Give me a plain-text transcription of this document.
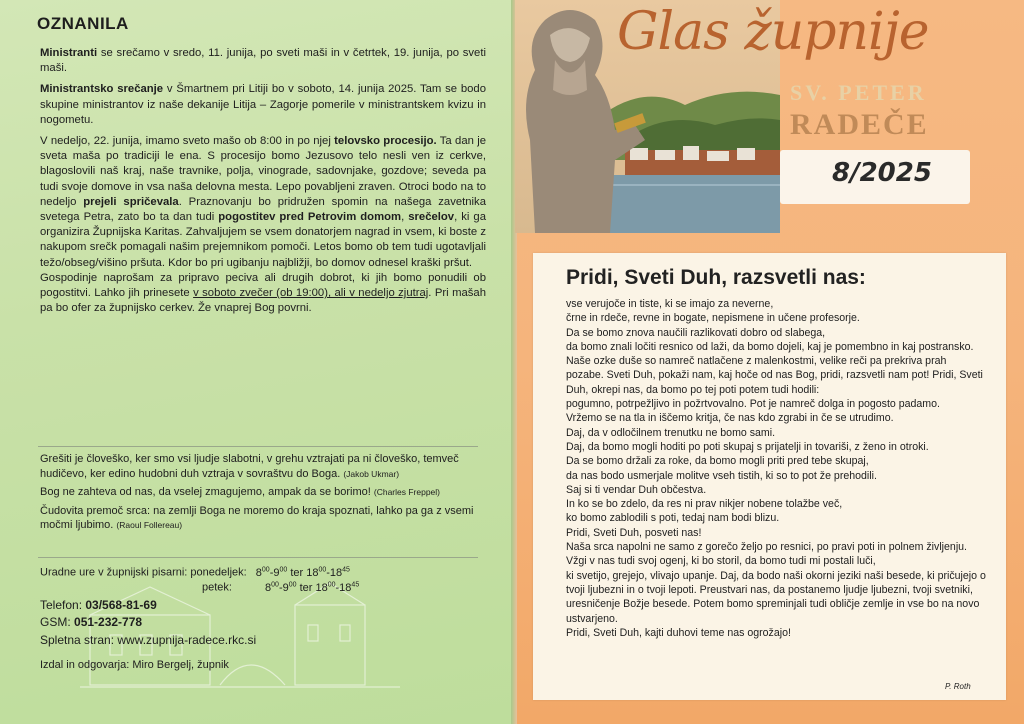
OZNANILA

Ministranti se srečamo v sredo, 11. junija, po sveti maši in v četrtek, 19. junija, po sveti maši.

Ministrantsko srečanje v Šmartnem pri Litiji bo v soboto, 14. junija 2025. Tam se bodo skupine ministrantov iz naše dekanije Litija – Zagorje pomerile v ministrantskem kvizu in nogometu.

V nedeljo, 22. junija, imamo sveto mašo ob 8:00 in po njej telovsko procesijo. Ta dan je sveta maša po tradiciji le ena. S procesijo bomo Jezusovo telo nesli ven iz cerkve, blagoslovili naš kraj, naše travnike, polja, vinograde, sadovnjake, gozdove; seveda pa tudi svoje domove in vsa naša delovna mesta. Lepo povabljeni zraven. Otroci bodo na to nedeljo prejeli spričevala. Praznovanju bo pridružen spomin na našega zavetnika svetega Petra, zato bo ta dan tudi pogostitev pred Petrovim domom, srečelov, ki ga organizira Župnijska Karitas. Zahvaljujem se vsem donatorjem nagrad in vsem, ki boste z nakupom srečk pomagali našim prejemnikom pomoči. Letos bomo ob tem tudi ugotavljali težo/obseg/višino pršuta. Kdor bo pri ugibanju najbližji, bo domov odnesel kraški pršut.

Gospodinje naprošam za pripravo peciva ali drugih dobrot, ki jih bomo ponudili ob pogostitvi. Lahko jih prinesete v soboto zvečer (ob 19:00), ali v nedeljo zjutraj. Pri mašah pa bo ofer za župnijsko cerkev. Že vnaprej Bog povrni.

Grešiti je človeško, ker smo vsi ljudje slabotni, v grehu vztrajati pa ni človeško, temveč hudičevo, ker edino hudobni duh vztraja v sovraštvu do Boga. (Jakob Ukmar)

Bog ne zahteva od nas, da vselej zmagujemo, ampak da se borimo! (Charles Freppel)

Čudovita premoč srca: na zemlji Boga ne moremo do kraja spoznati, lahko pa ga z vsemi močmi ljubimo. (Raoul Follereau)

Uradne ure v župnijski pisarni: ponedeljek: $8^{00}-9^{00}$ ter $18^{00}-18^{45}$
petek:	$8^{00}-9^{00}$ ter $18^{00}-18^{45}$
Telefon: 03/568-81-69
GSM: 051-232-778
Spletna stran: www.zupnija-radece.rkc.si
Izdal in odgovarja: Miro Bergelj, župnik
Glas župnije
SV. PETER
RADEČE
8/2025
Pridi, Sveti Duh, razsvetli nas:
vse verujoče in tiste, ki se imajo za neverne,
črne in rdeče, revne in bogate, nepismene in učene profesorje.
Da se bomo znova naučili razlikovati dobro od slabega,
da bomo znali ločiti resnico od laži, da bomo dojeli, kaj je pomembno in kaj postransko. Naše ozke duše so namreč natlačene z malenkostmi, velike reči pa prekriva prah pozabe. Sveti Duh, pokaži nam, kaj hoče od nas Bog, pridi, razsvetli nam pot! Pridi, Sveti Duh, okrepi nas, da bomo po tej poti potem tudi hodili:
pogumno, potrpežljivo in požrtvovalno. Pot je namreč dolga in pogosto padamo.
Vržemo se na tla in iščemo kritja, če nas kdo zgrabi in če se utrudimo.
Daj, da v odločilnem trenutku ne bomo sami.
Daj, da bomo mogli hoditi po poti skupaj s prijatelji in tovariši, z ženo in otroki.
Da se bomo držali za roke, da bomo mogli priti pred tebe skupaj,
da nas bodo usmerjale molitve vseh tistih, ki so to pot že prehodili.
Saj si ti vendar Duh občestva.
In ko se bo zdelo, da res ni prav nikjer nobene tolažbe več,
ko bomo zablodili s poti, tedaj nam bodi blizu.
Pridi, Sveti Duh, posveti nas!
Naša srca napolni ne samo z gorečo željo po resnici, po pravi poti in polnem življenju. Vžgi v nas tudi svoj ogenj, ki bo storil, da bomo tudi mi postali luči,
ki svetijo, grejejo, vlivajo upanje. Daj, da bodo naši okorni jeziki naši besede, ki pričujejo o tvoji ljubezni in o tvoji lepoti. Preustvari nas, da postanemo ljudje ljubezni, tvoji svetniki, uresničenje Božje besede. Potem bomo spreminjali tudi obličje zemlje in vse bo na novo ustvarjeno.
Pridi, Sveti Duh, kajti duhovi teme nas ogrožajo!
P. Roth
